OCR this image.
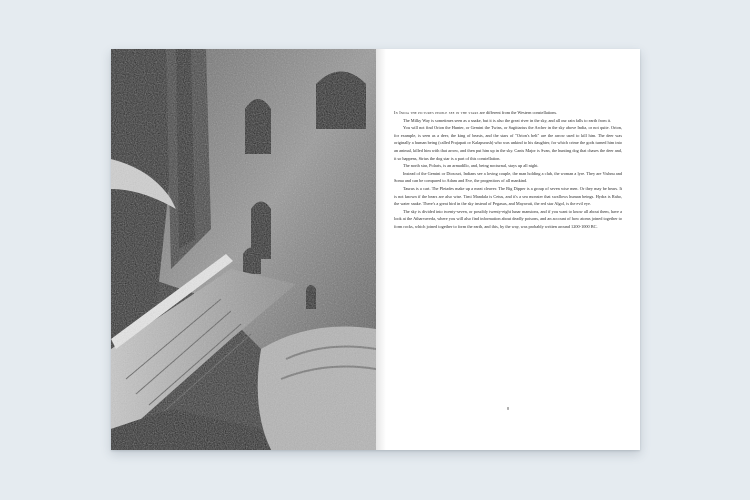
In India the pictures people see in the stars are different from the Western constellations.

The Milky Way is sometimes seen as a snake, but it is also the great river in the sky, and all our rain falls to earth from it.

You will not find Orion the Hunter, or Gemini the Twins, or Sagittarius the Archer in the sky above India, or not quite. Orion, for example, is seen as a deer, the king of beasts, and the stars of "Orion's belt" are the arrow used to kill him. The deer was originally a human being (called Prajapati or Kalapurush) who was unkind to his daughter, for which crime the gods turned him into an animal, killed him with that arrow, and then put him up in the sky. Canis Major is Svan, the hunting dog that chases the deer and, it so happens, Sirius the dog star is a part of this constellation.

The north star, Polaris, is an armadillo, and, being nocturnal, stays up all night.

Instead of the Gemini or Dioscuri, Indians see a loving couple, the man holding a club, the woman a lyre. They are Vishnu and Soma and can be compared to Adam and Eve, the progenitors of all mankind.

Taurus is a cart. The Pleiades make up a meat cleaver. The Big Dipper is a group of seven wise men. Or they may be bears. It is not known if the bears are also wise. Timi Mandala is Cetus, and it's a sea monster that swallows human beings. Hydra is Raho, the water snake. There's a great bird in the sky instead of Pegasus, and Mayavati, the red star Algol, is the evil eye.

The sky is divided into twenty-seven, or possibly twenty-eight lunar mansions, and if you want to know all about them, have a look at the Atharvaveda, where you will also find information about deadly poisons, and an account of how atoms joined together to form rocks, which joined together to form the earth, and this, by the way, was probably written around 1200-1000 BC.

8
